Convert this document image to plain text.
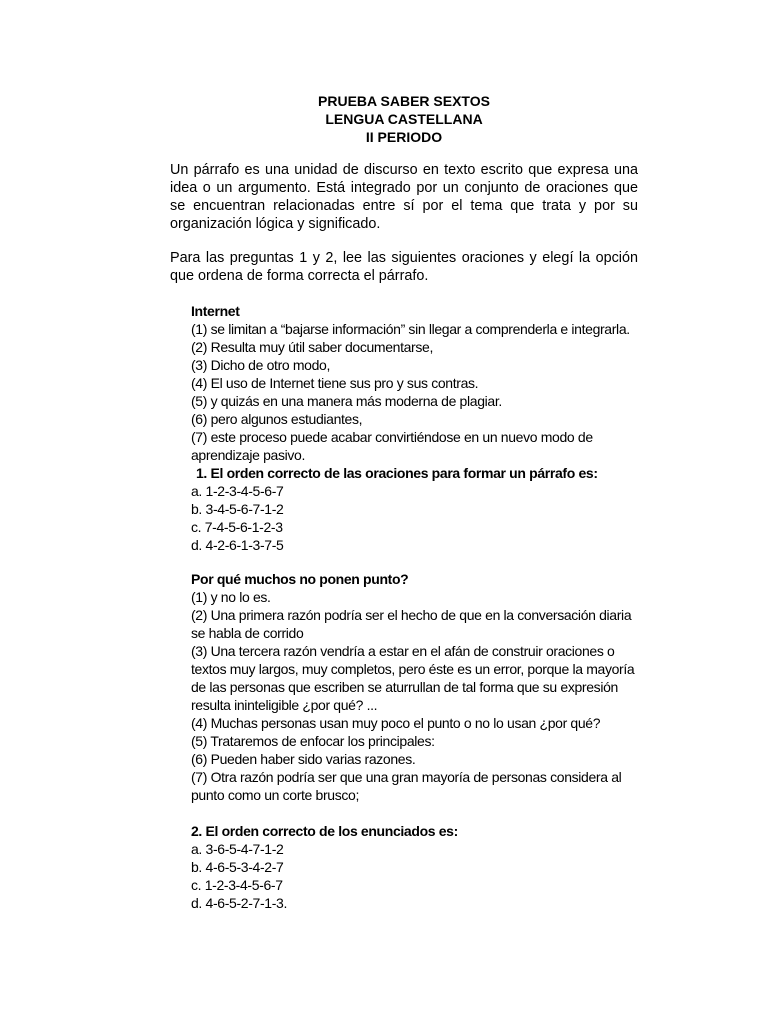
PRUEBA SABER SEXTOS
LENGUA CASTELLANA
II PERIODO

Un párrafo es una unidad de discurso en texto escrito que expresa una idea o un argumento. Está integrado por un conjunto de oraciones que se encuentran relacionadas entre sí por el tema que trata y por su organización lógica y significado.

Para las preguntas 1 y 2, lee las siguientes oraciones y elegí la opción que ordena de forma correcta el párrafo.

Internet
(1) se limitan a “bajarse información” sin llegar a comprenderla e integrarla.
(2) Resulta muy útil saber documentarse,
(3) Dicho de otro modo,
(4) El uso de Internet tiene sus pro y sus contras.
(5) y quizás en una manera más moderna de plagiar.
(6) pero algunos estudiantes,
(7) este proceso puede acabar convirtiéndose en un nuevo modo de
aprendizaje pasivo.
1. El orden correcto de las oraciones para formar un párrafo es:
a. 1-2-3-4-5-6-7
b. 3-4-5-6-7-1-2
c. 7-4-5-6-1-2-3
d. 4-2-6-1-3-7-5
Por qué muchos no ponen punto?
(1) y no lo es.
(2) Una primera razón podría ser el hecho de que en la conversación diaria
se habla de corrido
(3) Una tercera razón vendría a estar en el afán de construir oraciones o
textos muy largos, muy completos, pero éste es un error, porque la mayoría
de las personas que escriben se aturrullan de tal forma que su expresión
resulta ininteligible ¿por qué? ...
(4) Muchas personas usan muy poco el punto o no lo usan ¿por qué?
(5) Trataremos de enfocar los principales:
(6) Pueden haber sido varias razones.
(7) Otra razón podría ser que una gran mayoría de personas considera al
punto como un corte brusco;
2. El orden correcto de los enunciados es:
a. 3-6-5-4-7-1-2
b. 4-6-5-3-4-2-7
c. 1-2-3-4-5-6-7
d. 4-6-5-2-7-1-3.
